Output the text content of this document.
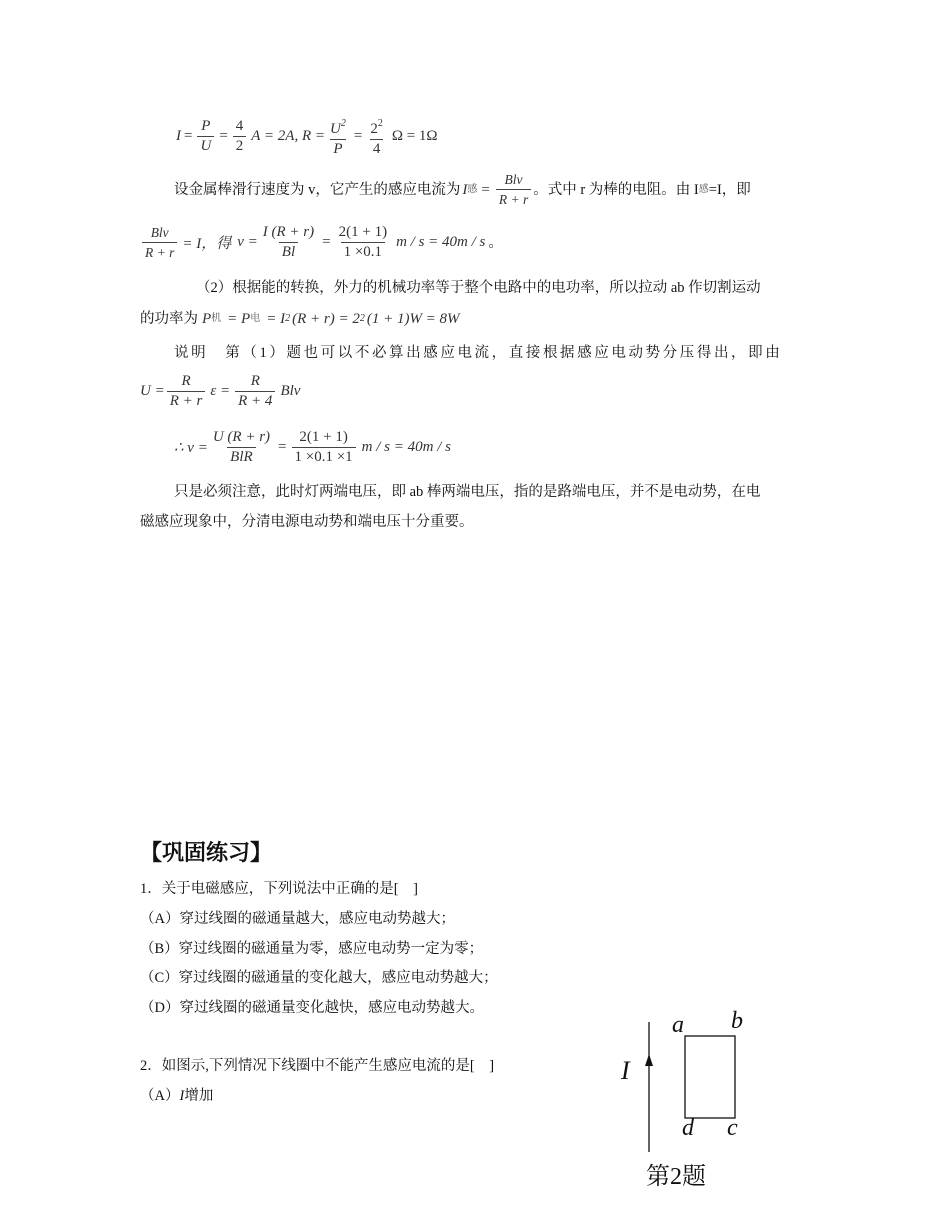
$I = \frac{P}{U} = \frac{4}{2}$ A = 2A, $R = \frac{U^2}{P} = \frac{2^2}{4}$ Ω = 1Ω
设金属棒滑行速度为 v，它产生的感应电流为 I 感 = $\frac{\text{Blv}}{R + r}$ 。式中 r 为棒的电阻。由 I 感 =I，即
$\frac{\text{Blv}}{R + r} = I$，得 $v = \frac{I (R + r)}{Bl} = \frac{2(1 + 1)}{1 \times 0.1}$ m / s = 40m / s 。
（2）根据能的转换，外力的机械功率等于整个电路中的电功率，所以拉动 ab 作切割运动
的功率为 P 机 = P 电 = I 2 (R + r) = 2 2 (1 + 1)W = 8W
说明　第（1）题也可以不必算出感应电流，直接根据感应电动势分压得出，即由
$U = \frac{R}{R + r}$ $\varepsilon = \frac{R}{R + 4}$ Blv
∴ $v = \frac{U (R + r)}{\text{BlR}} = \frac{2(1 + 1)}{1 \times 0.1 \times 1}$ m / s = 40m / s
只是必须注意，此时灯两端电压，即 ab 棒两端电压，指的是路端电压，并不是电动势，在电
磁感应现象中，分清电源电动势和端电压十分重要。
【巩固练习】
1．关于电磁感应，下列说法中正确的是[　]
（A）穿过线圈的磁通量越大，感应电动势越大；
（B）穿过线圈的磁通量为零，感应电动势一定为零；
（C）穿过线圈的磁通量的变化越大，感应电动势越大；
（D）穿过线圈的磁通量变化越快，感应电动势越大。
2．如图示,下列情况下线圈中不能产生感应电流的是[　]
（A） I 增加
a b
I
d c
第2题
